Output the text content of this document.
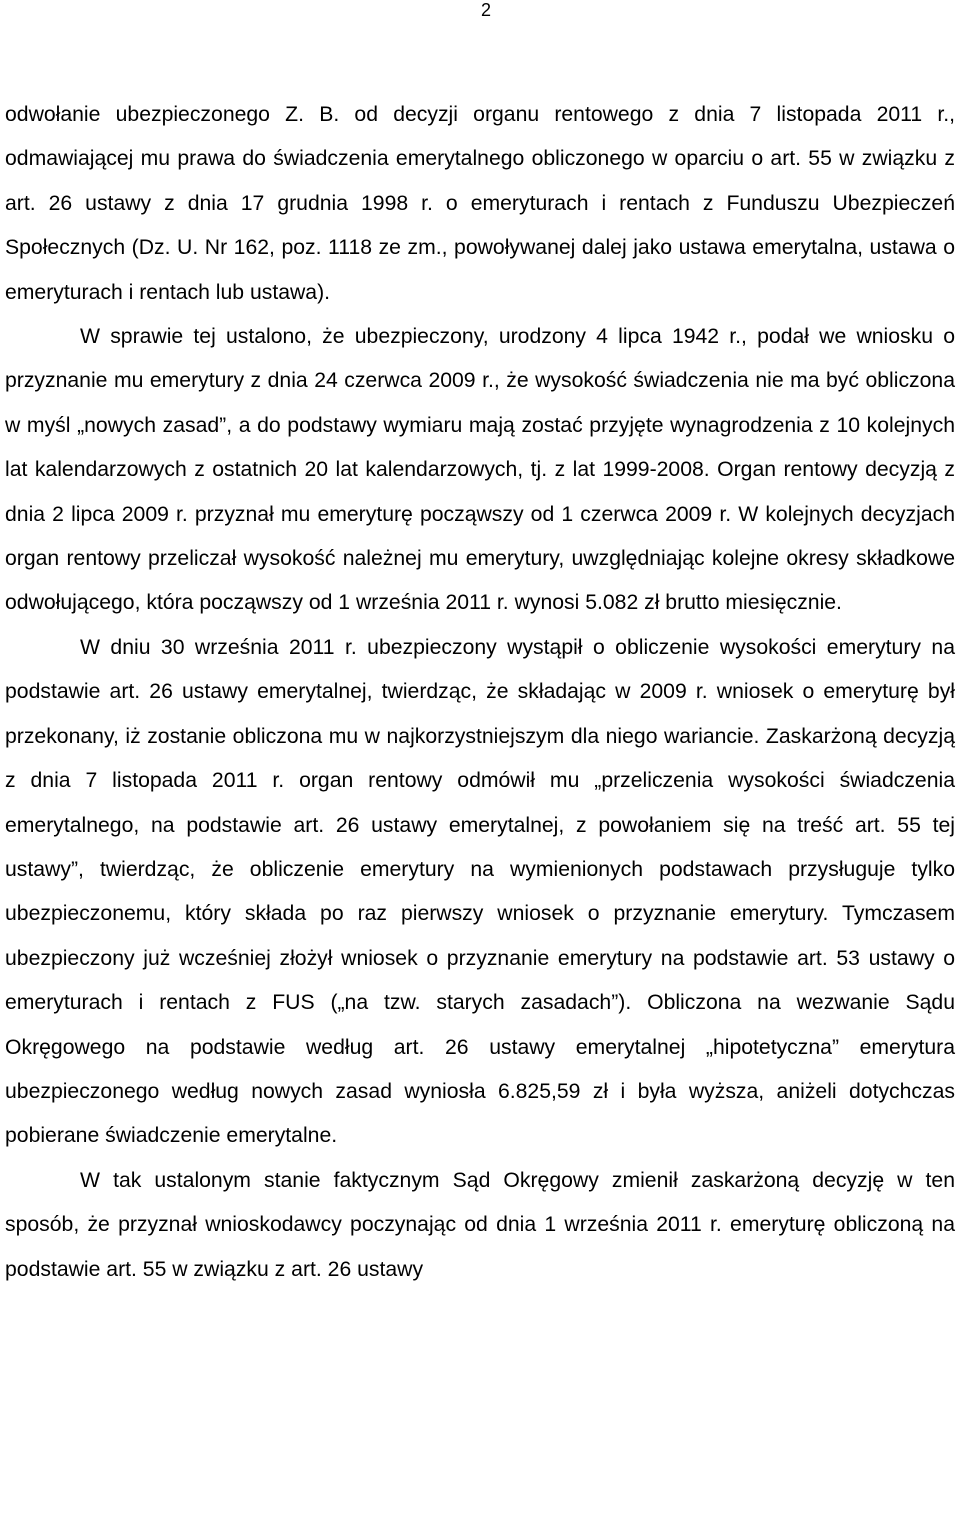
2

odwołanie ubezpieczonego Z. B. od decyzji organu rentowego z dnia 7 listopada 2011 r., odmawiającej mu prawa do świadczenia emerytalnego obliczonego w oparciu o art. 55 w związku z art. 26 ustawy z dnia 17 grudnia 1998 r. o emeryturach i rentach z Funduszu Ubezpieczeń Społecznych (Dz. U. Nr 162, poz. 1118 ze zm., powoływanej dalej jako ustawa emerytalna, ustawa o emeryturach i rentach lub ustawa).

W sprawie tej ustalono, że ubezpieczony, urodzony 4 lipca 1942 r., podał we wniosku o przyznanie mu emerytury z dnia 24 czerwca 2009 r., że wysokość świadczenia nie ma być obliczona w myśl „nowych zasad”, a do podstawy wymiaru mają zostać przyjęte wynagrodzenia z 10 kolejnych lat kalendarzowych z ostatnich 20 lat kalendarzowych, tj. z lat 1999-2008. Organ rentowy decyzją z dnia 2 lipca 2009 r. przyznał mu emeryturę począwszy od 1 czerwca 2009 r. W kolejnych decyzjach organ rentowy przeliczał wysokość należnej mu emerytury, uwzględniając kolejne okresy składkowe odwołującego, która począwszy od 1 września 2011 r. wynosi 5.082 zł brutto miesięcznie.

W dniu 30 września 2011 r. ubezpieczony wystąpił o obliczenie wysokości emerytury na podstawie art. 26 ustawy emerytalnej, twierdząc, że składając w 2009 r. wniosek o emeryturę był przekonany, iż zostanie obliczona mu w najkorzystniejszym dla niego wariancie. Zaskarżoną decyzją z dnia 7 listopada 2011 r. organ rentowy odmówił mu „przeliczenia wysokości świadczenia emerytalnego, na podstawie art. 26 ustawy emerytalnej, z powołaniem się na treść art. 55 tej ustawy”, twierdząc, że obliczenie emerytury na wymienionych podstawach przysługuje tylko ubezpieczonemu, który składa po raz pierwszy wniosek o przyznanie emerytury. Tymczasem ubezpieczony już wcześniej złożył wniosek o przyznanie emerytury na podstawie art. 53 ustawy o emeryturach i rentach z FUS („na tzw. starych zasadach”). Obliczona na wezwanie Sądu Okręgowego na podstawie według art. 26 ustawy emerytalnej „hipotetyczna” emerytura ubezpieczonego według nowych zasad wyniosła 6.825,59 zł i była wyższa, aniżeli dotychczas pobierane świadczenie emerytalne.

W tak ustalonym stanie faktycznym Sąd Okręgowy zmienił zaskarżoną decyzję w ten sposób, że przyznał wnioskodawcy poczynając od dnia 1 września 2011 r. emeryturę obliczoną na podstawie art. 55 w związku z art. 26 ustawy
